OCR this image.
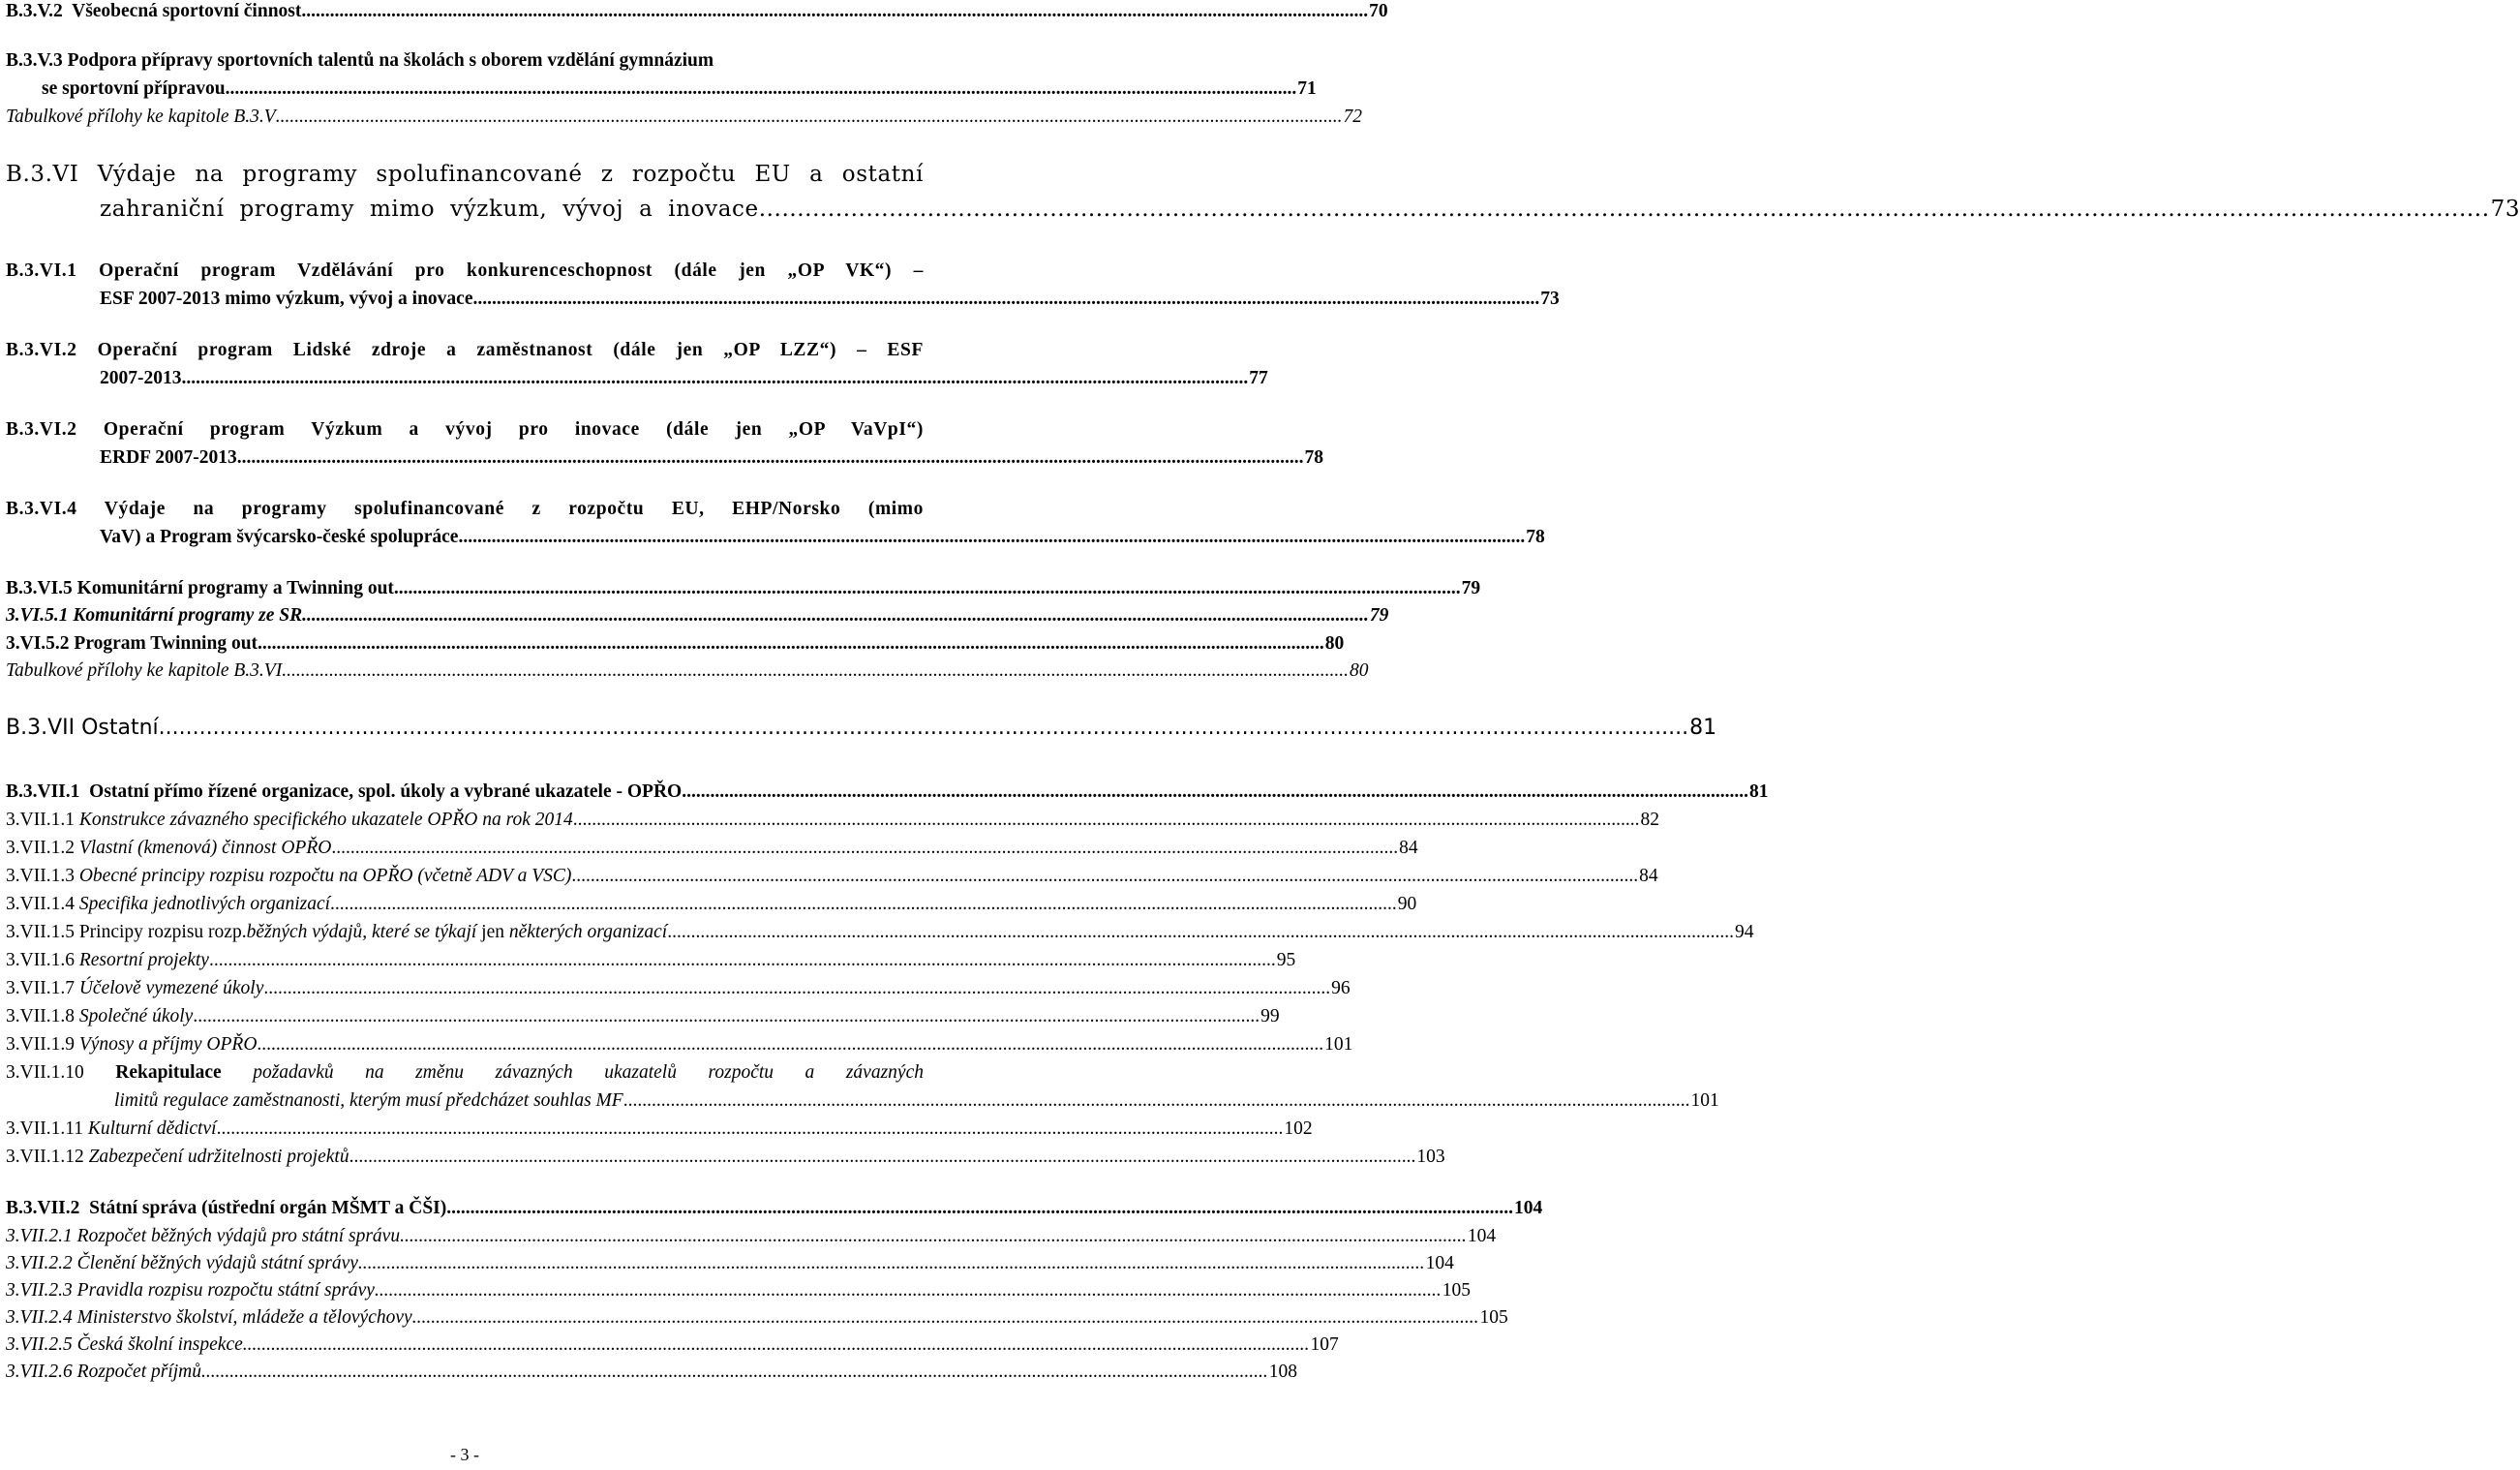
B.3.V.2 Všeobecná sportovní činnost .....	70
B.3.V.3 Podpora přípravy sportovních talentů na školách s oborem vzdělání gymnázium
se sportovní přípravou. .....	71
Tabulkové přílohy ke kapitole B.3.V .....	72
B.3.VI Výdaje na programy spolufinancované z rozpočtu EU a ostatní
zahraniční programy mimo výzkum, vývoj a inovace .....	73
B.3.VI.1 Operační program Vzdělávání pro konkurenceschopnost (dále jen „OP VK“) –
ESF 2007-2013 mimo výzkum, vývoj a inovace .....	73
B.3.VI.2 Operační program Lidské zdroje a zaměstnanost (dále jen „OP LZZ“) – ESF
2007-2013 .....	77
B.3.VI.2 Operační program Výzkum a vývoj pro inovace (dále jen „OP VaVpI“)
ERDF 2007-2013 .....	78
B.3.VI.4 Výdaje na programy spolufinancované z rozpočtu EU, EHP/Norsko (mimo
VaV) a Program švýcarsko-české spolupráce .....	78
B.3.VI.5 Komunitární programy a Twinning out .....	79
3.VI.5.1 Komunitární programy ze SR .....	79
3.VI.5.2 Program Twinning out .....	80
Tabulkové přílohy ke kapitole B.3.VI .....	80
B.3.VII Ostatní .....	81
B.3.VII.1 Ostatní přímo řízené organizace, spol. úkoly a vybrané ukazatele - OPŘO .....	81
3.VII.1.1 Konstrukce závazného specifického ukazatele OPŘO na rok 2014 .....	82
3.VII.1.2 Vlastní (kmenová) činnost OPŘO .....	84
3.VII.1.3 Obecné principy rozpisu rozpočtu na OPŘO (včetně ADV a VSC) .....	84
3.VII.1.4 Specifika jednotlivých organizací .....	90
3.VII.1.5 Principy rozpisu rozp.běžných výdajů, které se týkají jen některých organizací .....	94
3.VII.1.6 Resortní projekty .....	95
3.VII.1.7 Účelově vymezené úkoly .....	96
3.VII.1.8 Společné úkoly .....	99
3.VII.1.9 Výnosy a příjmy OPŘO .....	101
3.VII.1.10 Rekapitulace požadavků na změnu závazných ukazatelů rozpočtu a závazných
limitů regulace zaměstnanosti, kterým musí předcházet souhlas MF .....	101
3.VII.1.11 Kulturní dědictví .....	102
3.VII.1.12 Zabezpečení udržitelnosti projektů .....	103
B.3.VII.2 Státní správa (ústřední orgán MŠMT a ČŠI) .....	104
3.VII.2.1 Rozpočet běžných výdajů pro státní správu .....	104
3.VII.2.2 Členění běžných výdajů státní správy .....	104
3.VII.2.3 Pravidla rozpisu rozpočtu státní správy .....	105
3.VII.2.4 Ministerstvo školství, mládeže a tělovýchovy .....	105
3.VII.2.5 Česká školní inspekce .....	107
3.VII.2.6 Rozpočet příjmů .....	108
- 3 -
